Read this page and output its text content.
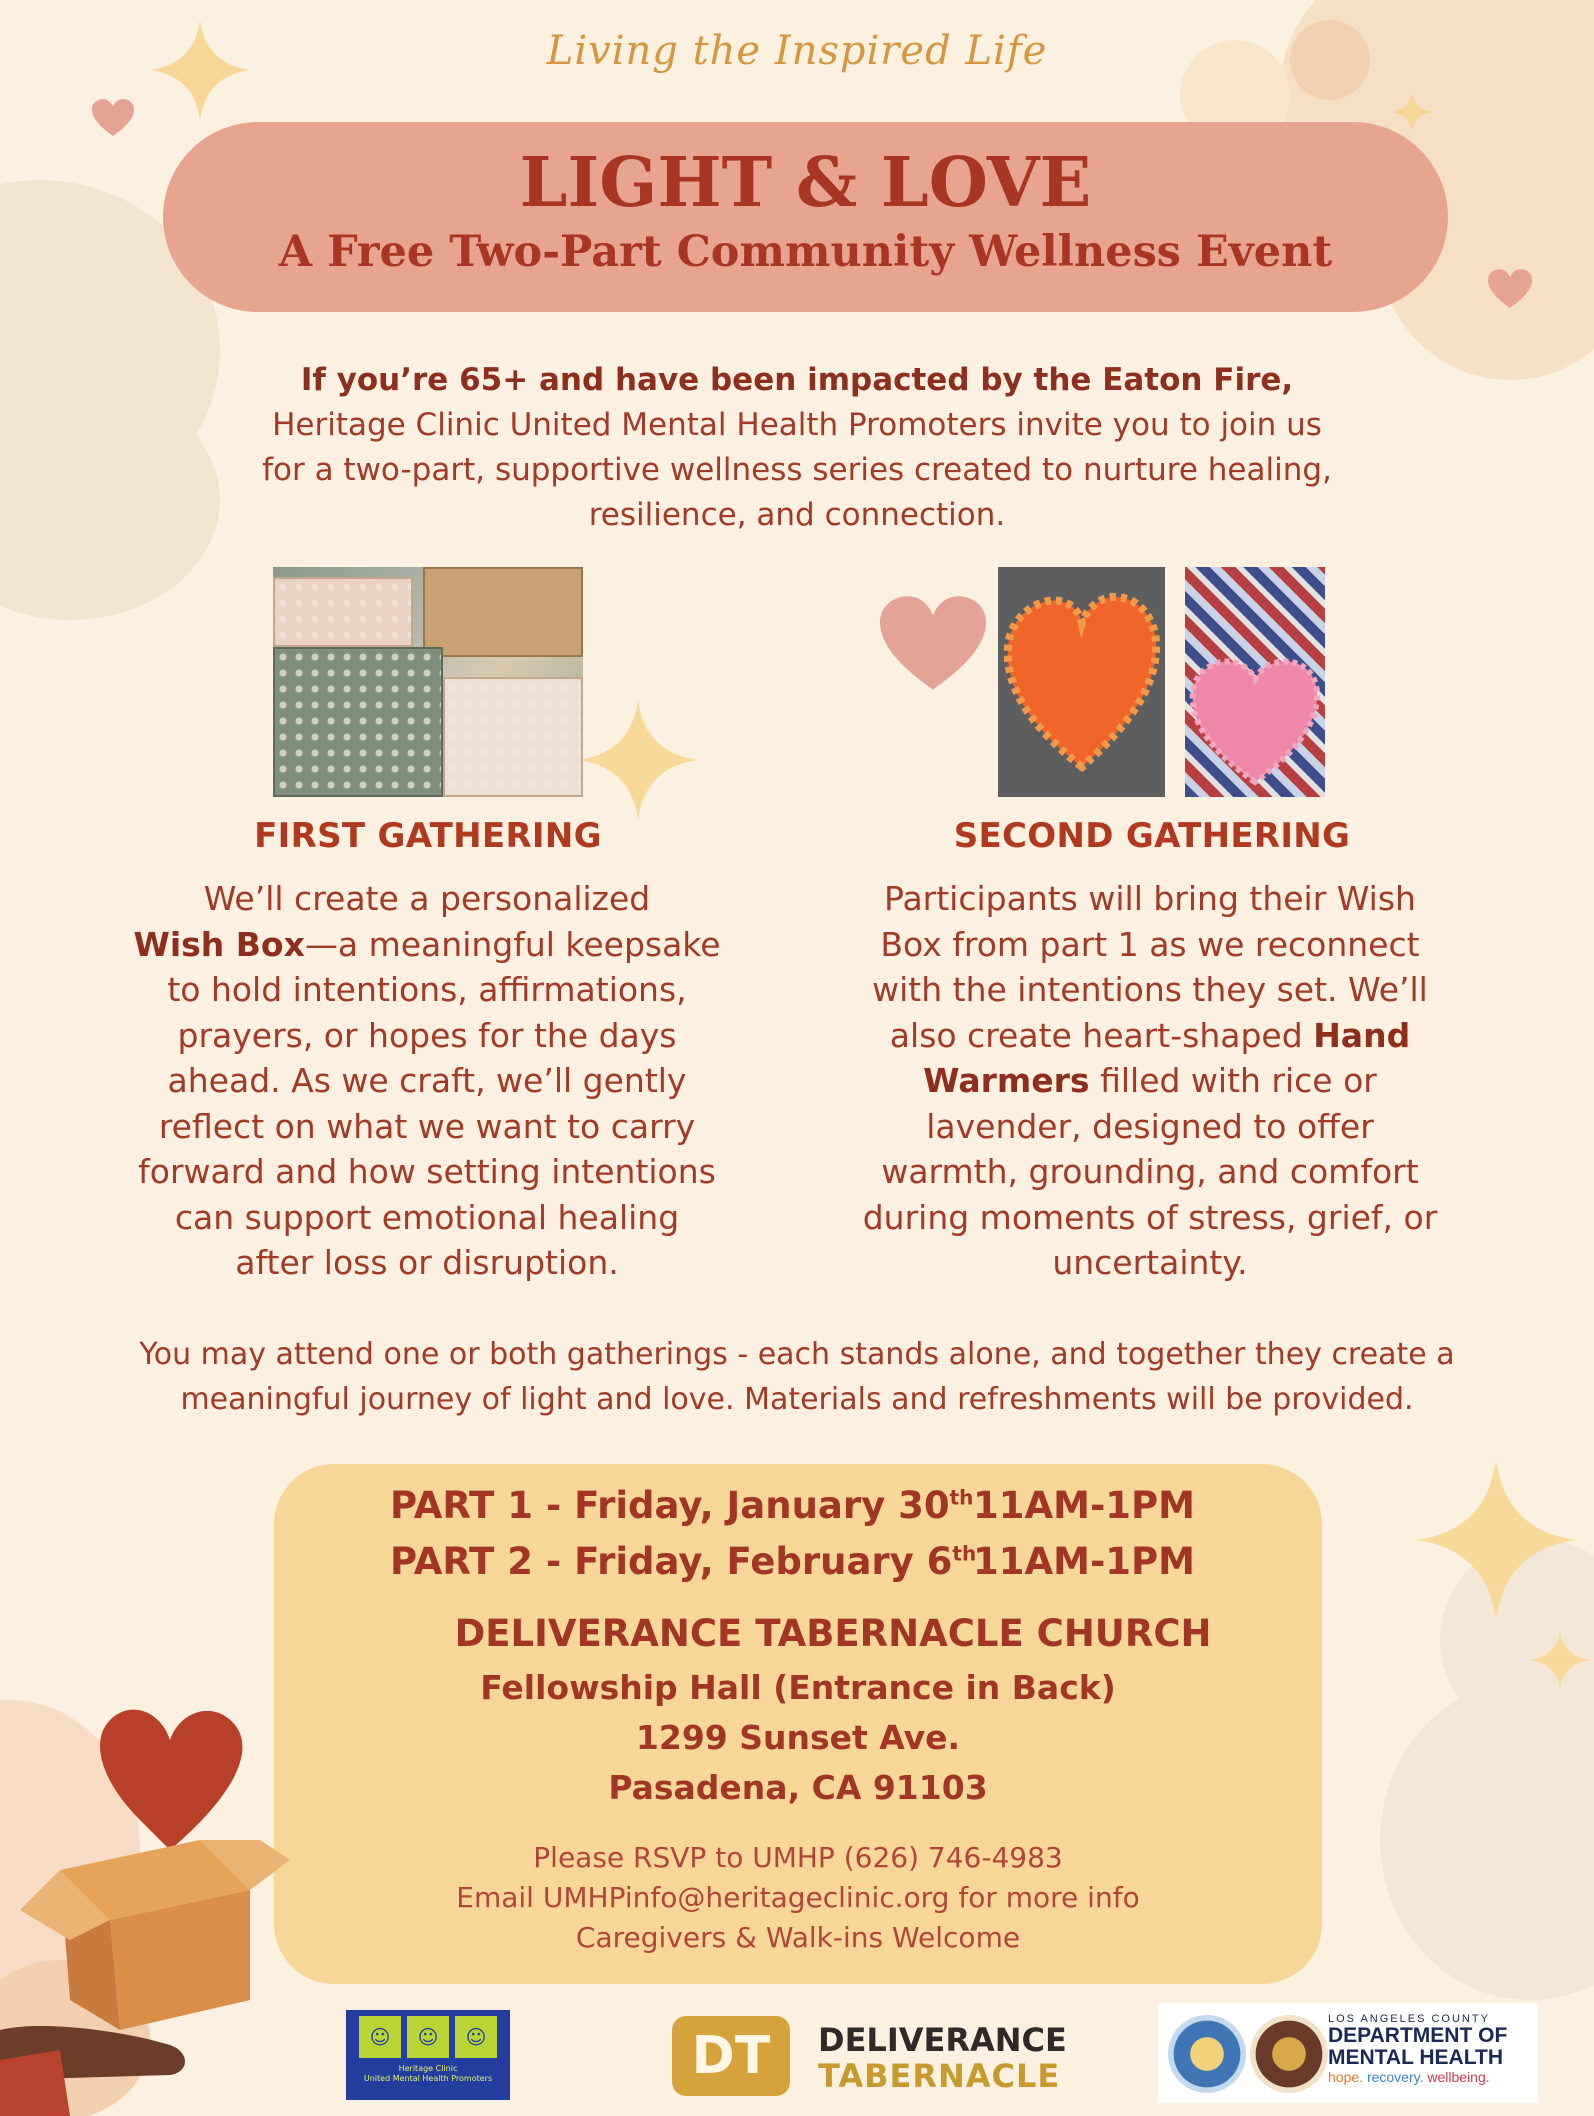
Living the Inspired Life
LIGHT & LOVE
A Free Two-Part Community Wellness Event
If you’re 65+ and have been impacted by the Eaton Fire,
Heritage Clinic United Mental Health Promoters invite you to join us
for a two-part, supportive wellness series created to nurture healing,
resilience, and connection.
FIRST GATHERING
We’ll create a personalized
Wish Box—a meaningful keepsake
to hold intentions, affirmations,
prayers, or hopes for the days
ahead. As we craft, we’ll gently
reflect on what we want to carry
forward and how setting intentions
can support emotional healing
after loss or disruption.
SECOND GATHERING
Participants will bring their Wish
Box from part 1 as we reconnect
with the intentions they set. We’ll
also create heart-shaped Hand
Warmers filled with rice or
lavender, designed to offer
warmth, grounding, and comfort
during moments of stress, grief, or
uncertainty.
You may attend one or both gatherings - each stands alone, and together they create a
meaningful journey of light and love. Materials and refreshments will be provided.
PART 1 - Friday, January 30th 11AM-1PM
PART 2 - Friday, February 6th
11AM-1PM
DELIVERANCE TABERNACLE CHURCH
Fellowship Hall (Entrance in Back)
1299 Sunset Ave.
Pasadena, CA 91103
Please RSVP to UMHP (626) 746-4983
Email UMHPinfo@heritageclinic.org for more info
Caregivers & Walk-ins Welcome
☺	☺	☺
Heritage Clinic
United Mental Health Promoters	DT	DELIVERANCE
TABERNACLE
LOS ANGELES COUNTY
DEPARTMENT OF
MENTAL HEALTH
hope. recovery. wellbeing.
